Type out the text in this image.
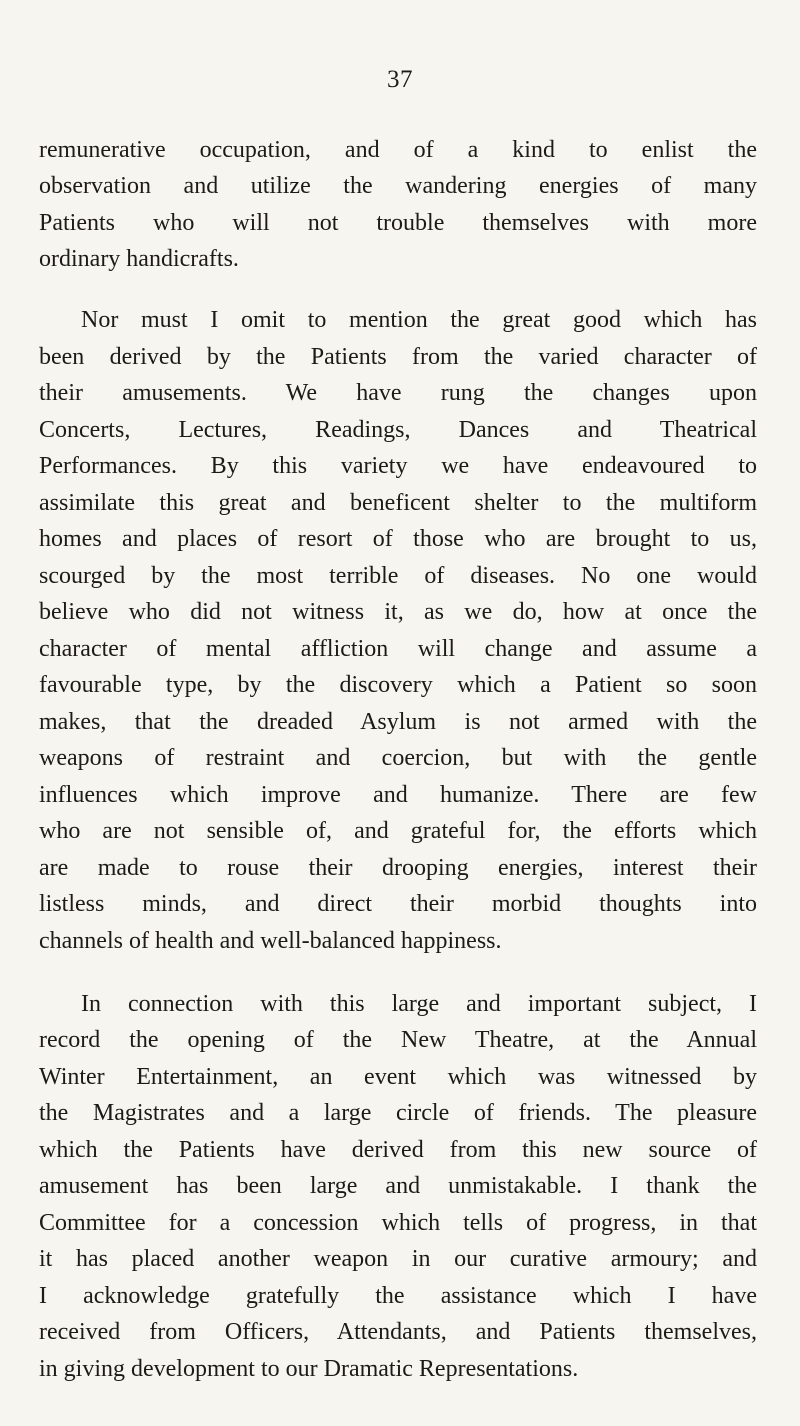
37
remunerative occupation, and of a kind to enlist the
observation and utilize the wandering energies of many
Patients who will not trouble themselves with more
ordinary handicrafts.
Nor must I omit to mention the great good which has
been derived by the Patients from the varied character of
their amusements. We have rung the changes upon
Concerts, Lectures, Readings, Dances and Theatrical
Performances. By this variety we have endeavoured to
assimilate this great and beneficent shelter to the multiform
homes and places of resort of those who are brought to us,
scourged by the most terrible of diseases. No one would
believe who did not witness it, as we do, how at once the
character of mental affliction will change and assume a
favourable type, by the discovery which a Patient so soon
makes, that the dreaded Asylum is not armed with the
weapons of restraint and coercion, but with the gentle
influences which improve and humanize. There are few
who are not sensible of, and grateful for, the efforts which
are made to rouse their drooping energies, interest their
listless minds, and direct their morbid thoughts into
channels of health and well-balanced happiness.
In connection with this large and important subject, I
record the opening of the New Theatre, at the Annual
Winter Entertainment, an event which was witnessed by
the Magistrates and a large circle of friends. The pleasure
which the Patients have derived from this new source of
amusement has been large and unmistakable. I thank the
Committee for a concession which tells of progress, in that
it has placed another weapon in our curative armoury; and
I acknowledge gratefully the assistance which I have
received from Officers, Attendants, and Patients themselves,
in giving development to our Dramatic Representations.
